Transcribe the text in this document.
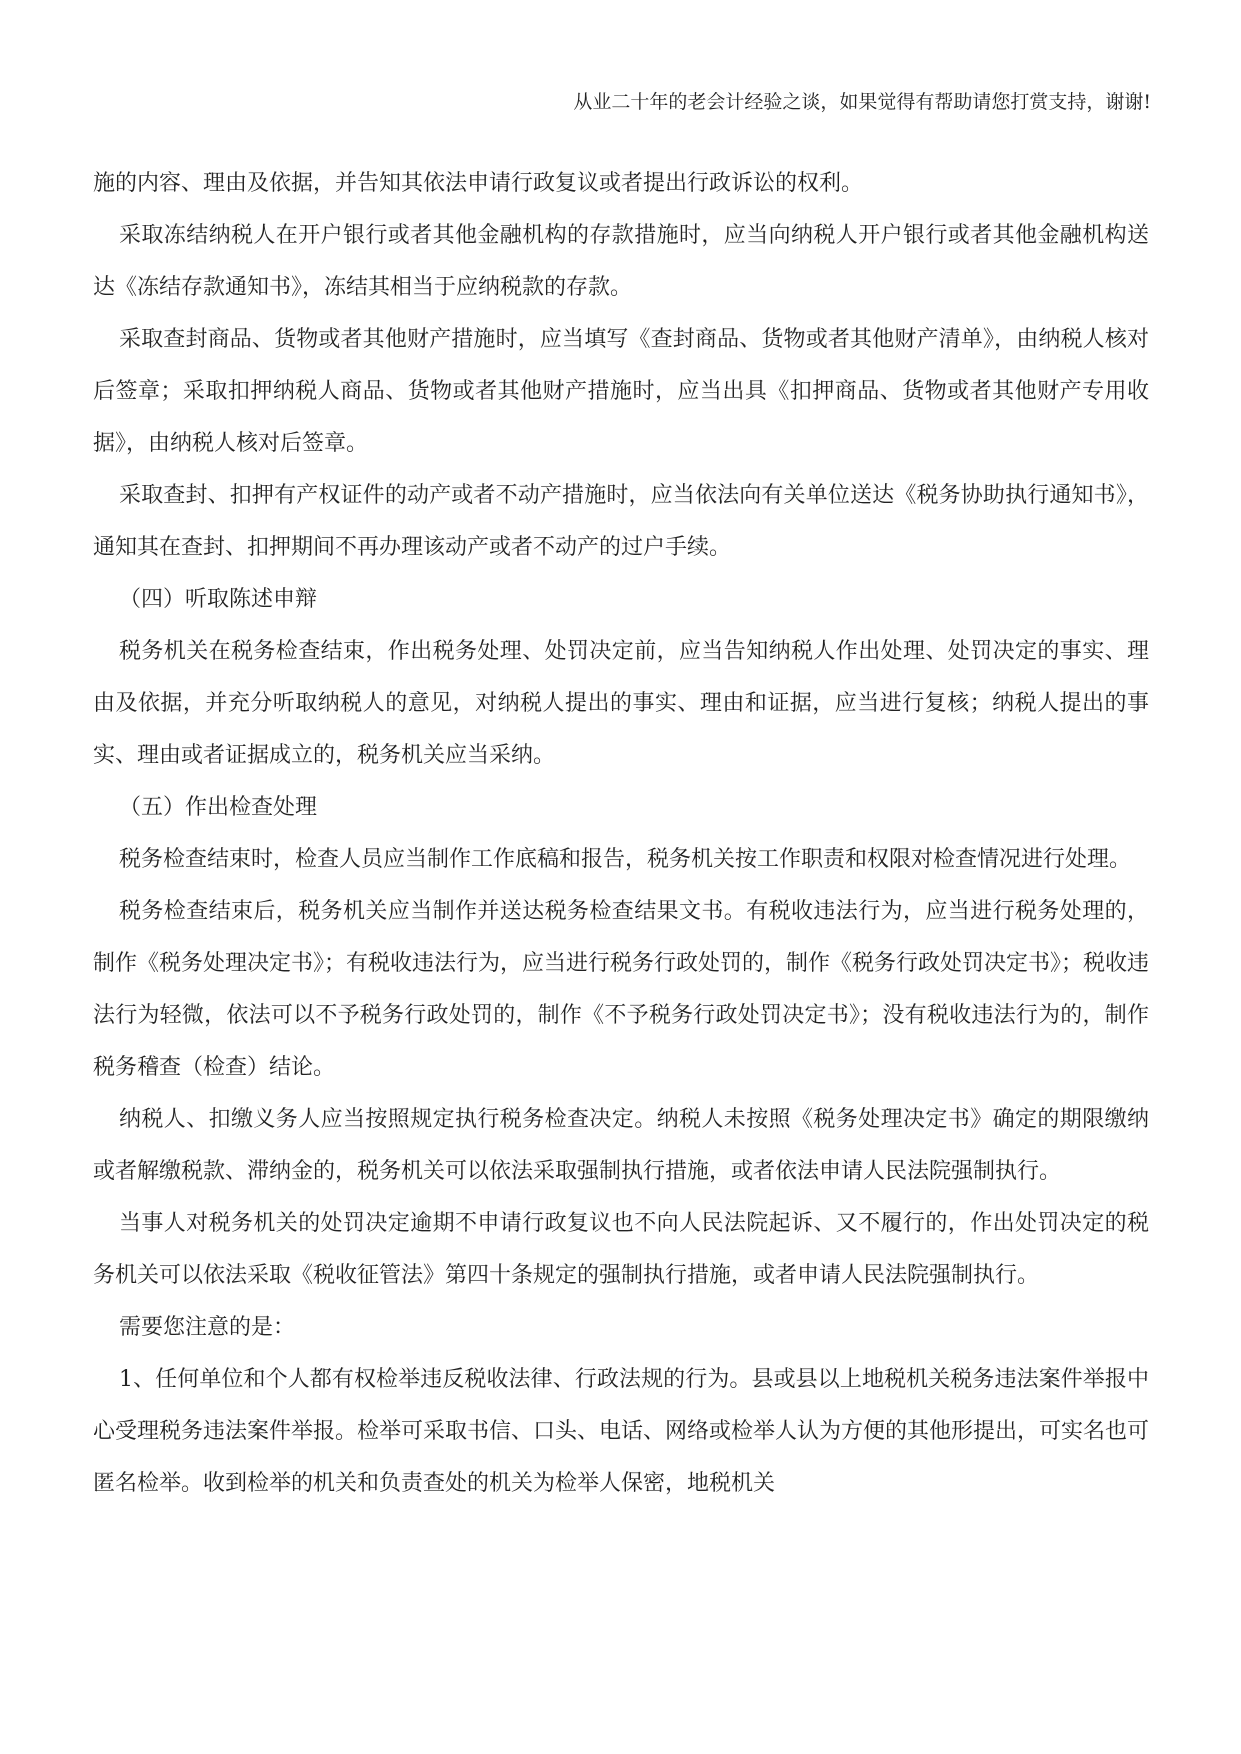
从业二十年的老会计经验之谈，如果觉得有帮助请您打赏支持，谢谢!

施的内容、理由及依据，并告知其依法申请行政复议或者提出行政诉讼的权利。

采取冻结纳税人在开户银行或者其他金融机构的存款措施时，应当向纳税人开户银行或者其他金融机构送达《冻结存款通知书》，冻结其相当于应纳税款的存款。

采取查封商品、货物或者其他财产措施时，应当填写《查封商品、货物或者其他财产清单》，由纳税人核对后签章；采取扣押纳税人商品、货物或者其他财产措施时，应当出具《扣押商品、货物或者其他财产专用收据》，由纳税人核对后签章。

采取查封、扣押有产权证件的动产或者不动产措施时，应当依法向有关单位送达《税务协助执行通知书》，通知其在查封、扣押期间不再办理该动产或者不动产的过户手续。

（四）听取陈述申辩

税务机关在税务检查结束，作出税务处理、处罚决定前，应当告知纳税人作出处理、处罚决定的事实、理由及依据，并充分听取纳税人的意见，对纳税人提出的事实、理由和证据，应当进行复核；纳税人提出的事实、理由或者证据成立的，税务机关应当采纳。

（五）作出检查处理

税务检查结束时，检查人员应当制作工作底稿和报告，税务机关按工作职责和权限对检查情况进行处理。

税务检查结束后，税务机关应当制作并送达税务检查结果文书。有税收违法行为，应当进行税务处理的，制作《税务处理决定书》；有税收违法行为，应当进行税务行政处罚的，制作《税务行政处罚决定书》；税收违法行为轻微，依法可以不予税务行政处罚的，制作《不予税务行政处罚决定书》；没有税收违法行为的，制作税务稽查（检查）结论。

纳税人、扣缴义务人应当按照规定执行税务检查决定。纳税人未按照《税务处理决定书》确定的期限缴纳或者解缴税款、滞纳金的，税务机关可以依法采取强制执行措施，或者依法申请人民法院强制执行。

当事人对税务机关的处罚决定逾期不申请行政复议也不向人民法院起诉、又不履行的，作出处罚决定的税务机关可以依法采取《税收征管法》第四十条规定的强制执行措施，或者申请人民法院强制执行。

需要您注意的是：

1、任何单位和个人都有权检举违反税收法律、行政法规的行为。县或县以上地税机关税务违法案件举报中心受理税务违法案件举报。检举可采取书信、口头、电话、网络或检举人认为方便的其他形提出，可实名也可匿名检举。收到检举的机关和负责查处的机关为检举人保密，地税机关
